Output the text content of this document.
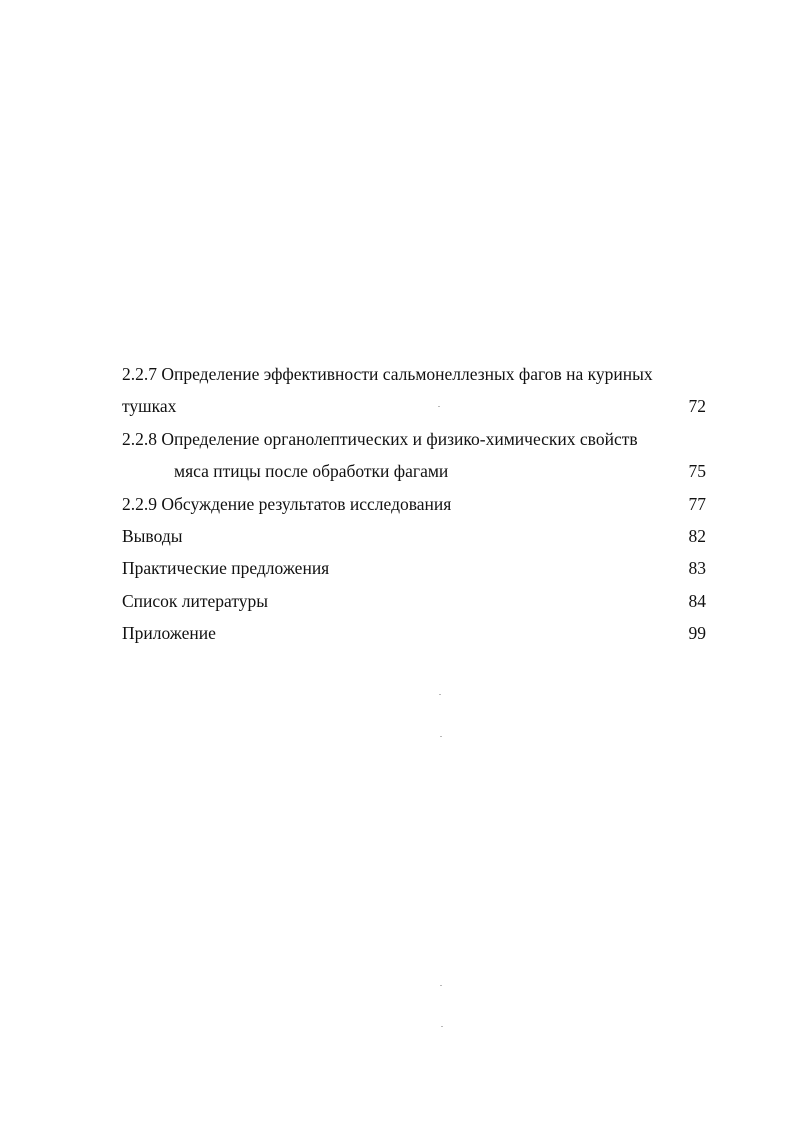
2.2.7 Определение эффективности сальмонеллезных фагов на куриных
тушках	72
2.2.8 Определение органолептических и физико-химических свойств
мяса птицы после обработки фагами	75
2.2.9 Обсуждение результатов исследования	77
Выводы	82
Практические предложения	83
Список литературы	84
Приложение	99
